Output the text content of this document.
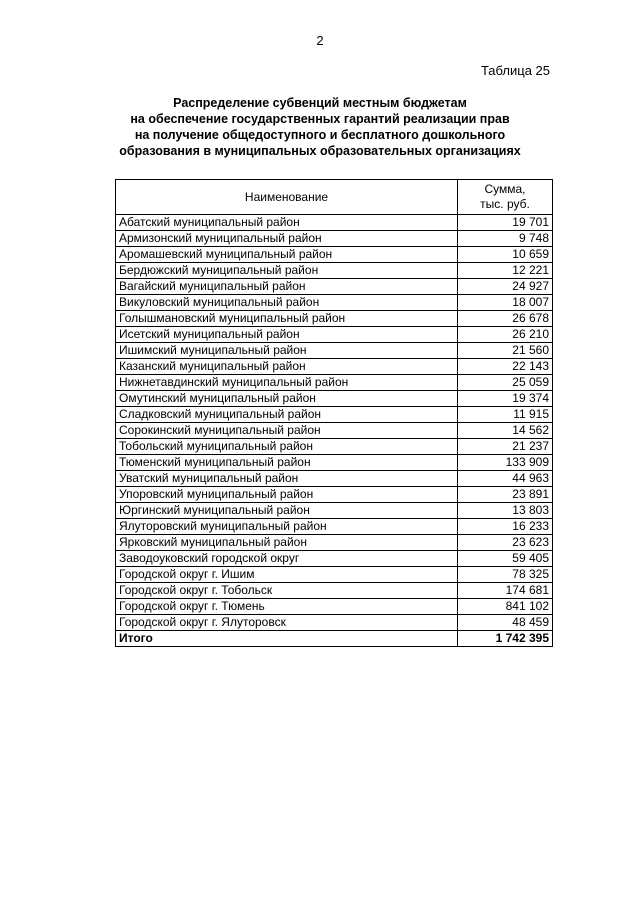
2
Таблица 25
Распределение субвенций местным бюджетам
на обеспечение государственных гарантий реализации прав
на получение общедоступного и бесплатного дошкольного
образования в муниципальных образовательных организациях
Наименование	Сумма,
тыс. руб.

Абатский муниципальный район	19 701
Армизонский муниципальный район	9 748
Аромашевский муниципальный район	10 659
Бердюжский муниципальный район	12 221
Вагайский муниципальный район	24 927
Викуловский муниципальный район	18 007
Голышмановский муниципальный район	26 678
Исетский муниципальный район	26 210
Ишимский муниципальный район	21 560
Казанский муниципальный район	22 143
Нижнетавдинский муниципальный район	25 059
Омутинский муниципальный район	19 374
Сладковский муниципальный район	11 915
Сорокинский муниципальный район	14 562
Тобольский муниципальный район	21 237
Тюменский муниципальный район	133 909
Уватский муниципальный район	44 963
Упоровский муниципальный район	23 891
Юргинский муниципальный район	13 803
Ялуторовский муниципальный район	16 233
Ярковский муниципальный район	23 623
Заводоуковский городской округ	59 405
Городской округ г. Ишим	78 325
Городской округ г. Тобольск	174 681
Городской округ г. Тюмень	841 102
Городской округ г. Ялуторовск	48 459
Итого	1 742 395
